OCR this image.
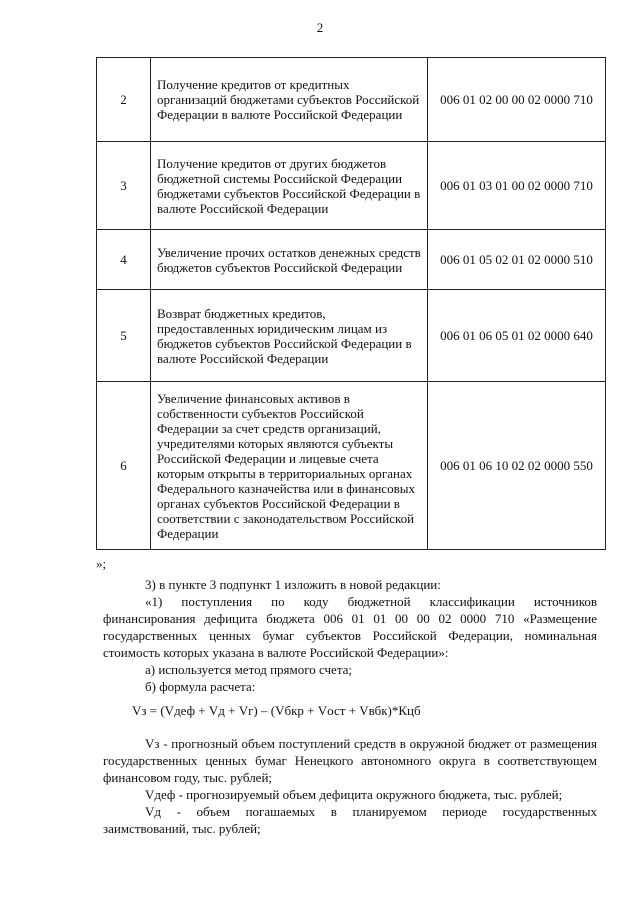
2
2	Получение кредитов от кредитных организаций бюджетами субъектов Российской Федерации в валюте Российской Федерации	006 01 02 00 00 02 0000 710
3	Получение кредитов от других бюджетов бюджетной системы Российской Федерации бюджетами субъектов Российской Федерации в валюте Российской Федерации	006 01 03 01 00 02 0000 710
4	Увеличение прочих остатков денежных средств бюджетов субъектов Российской Федерации	006 01 05 02 01 02 0000 510
5	Возврат бюджетных кредитов, предоставленных юридическим лицам из бюджетов субъектов Российской Федерации в валюте Российской Федерации	006 01 06 05 01 02 0000 640
6	Увеличение финансовых активов в собственности субъектов Российской Федерации за счет средств организаций, учредителями которых являются субъекты Российской Федерации и лицевые счета которым открыты в территориальных органах Федерального казначейства или в финансовых органах субъектов Российской Федерации в соответствии с законодательством Российской Федерации	006 01 06 10 02 02 0000 550
»;
3) в пункте 3 подпункт 1 изложить в новой редакции:
«1) поступления по коду бюджетной классификации источников финансирования дефицита бюджета 006 01 01 00 00 02 0000 710 «Размещение государственных ценных бумаг субъектов Российской Федерации, номинальная стоимость которых указана в валюте Российской Федерации»:
а) используется метод прямого счета;
б) формула расчета:
Vз = (Vдеф + Vд + Vг) – (Vбкр + Vост + Vвбк)*Кцб
Vз - прогнозный объем поступлений средств в окружной бюджет от размещения государственных ценных бумаг Ненецкого автономного округа в соответствующем финансовом году, тыс. рублей;
Vдеф - прогнозируемый объем дефицита окружного бюджета, тыс. рублей;
Vд - объем погашаемых в планируемом периоде государственных заимствований, тыс. рублей;
